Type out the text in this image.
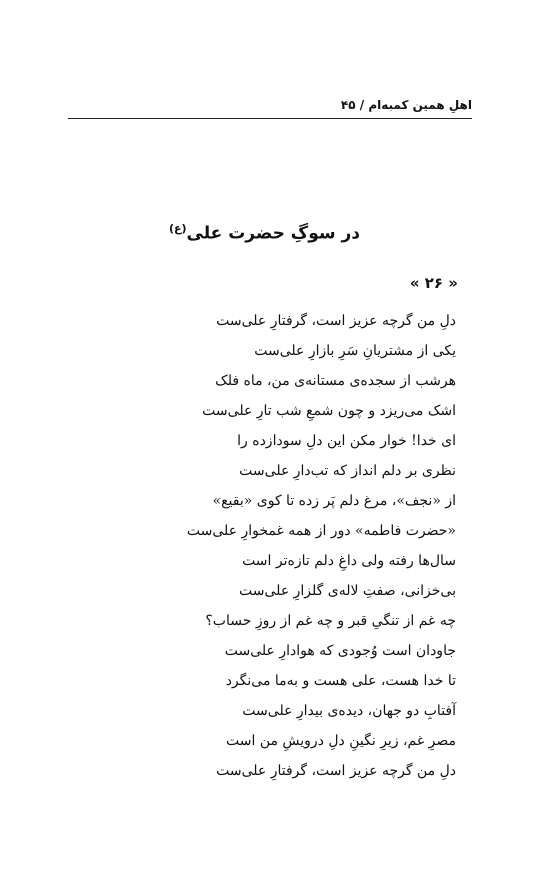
اهلِ همین کمبه‌ام / ۴۵
در سوگِ حضرت علی$^{(ع)}$
« ۲۶ »
دلِ من گرچه عزیز است، گرفتارِ علی‌ست
یکی از مشتریانِ سَرِ بازارِ علی‌ست
هرشب از سجده‌ی مستانه‌ی من، ماه فلک
اشک می‌ریزد و چون شمعِ شب تارِ علی‌ست
ای خدا! خوار مکن این دلِ سودازده را
نظری بر دلم انداز که تب‌دارِ علی‌ست
از «نجف»، مرغ دلم پَر زده تا کوی «بقیع»
«حضرت فاطمه» دور از همه غمخوارِ علی‌ست
سال‌ها رفته ولی داغِ دلم تازه‌تر است
بی‌خزانی، صفتِ لاله‌ی گلزارِ علی‌ست
چه غم از تنگیِ قبر و چه غم از روزِ حساب؟
جاودان است وُجودی که هوادارِ علی‌ست
تا خدا هست، علی هست و به‌ما می‌نگرد
آفتابِ دو جهان، دیده‌ی بیدارِ علی‌ست
مصرِ غم، زیرِ نگینِ دلِ درویشِ من است
دلِ من گرچه عزیز است، گرفتارِ علی‌ست
